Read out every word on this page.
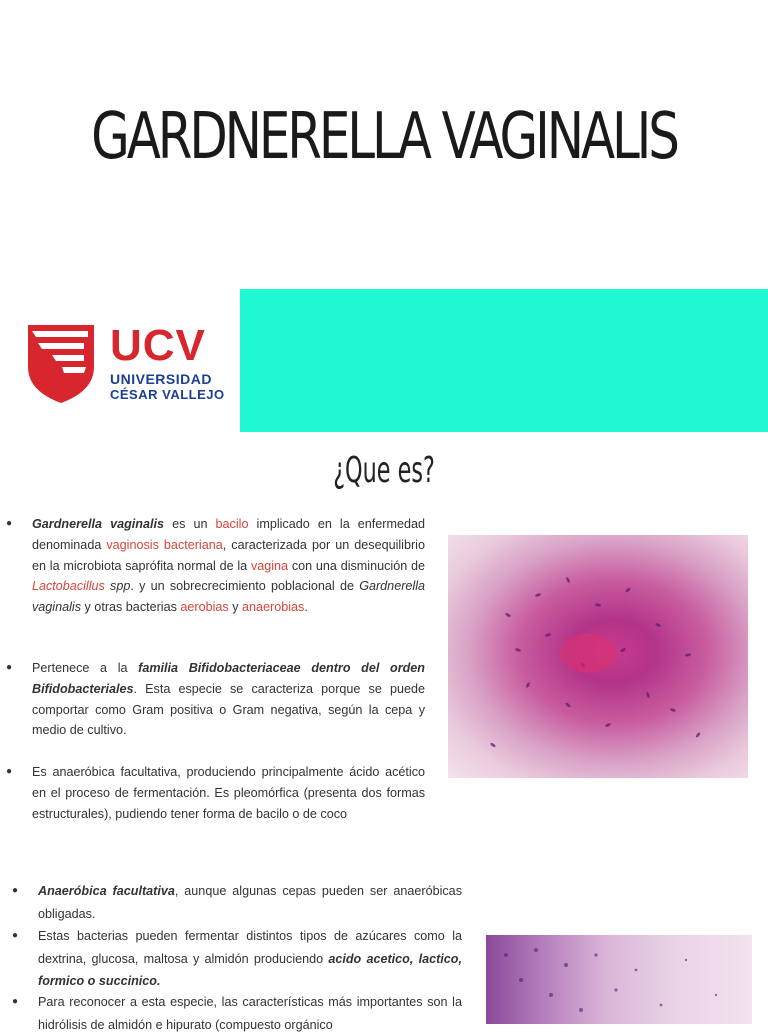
GARDNERELLA VAGINALIS
UCV
UNIVERSIDAD
CÉSAR VALLEJO
¿Que es?
● Gardnerella vaginalis es un bacilo implicado en la enfermedad denominada vaginosis bacteriana, caracterizada por un desequilibrio en la microbiota saprófita normal de la vagina con una disminución de Lactobacillus spp. y un sobrecrecimiento poblacional de Gardnerella vaginalis y otras bacterias aerobias y anaerobias.
● Pertenece a la familia Bifidobacteriaceae dentro del orden Bifidobacteriales. Esta especie se caracteriza porque se puede comportar como Gram positiva o Gram negativa, según la cepa y medio de cultivo.
● Es anaeróbica facultativa, produciendo principalmente ácido acético en el proceso de fermentación. Es pleomórfica (presenta dos formas estructurales), pudiendo tener forma de bacilo o de coco
● Anaeróbica facultativa, aunque algunas cepas pueden ser anaeróbicas obligadas.
● Estas bacterias pueden fermentar distintos tipos de azúcares como la dextrina, glucosa, maltosa y almidón produciendo acido acetico, lactico, formico o succinico.
● Para reconocer a esta especie, las características más importantes son la hidrólisis de almidón e hipurato (compuesto orgánico
